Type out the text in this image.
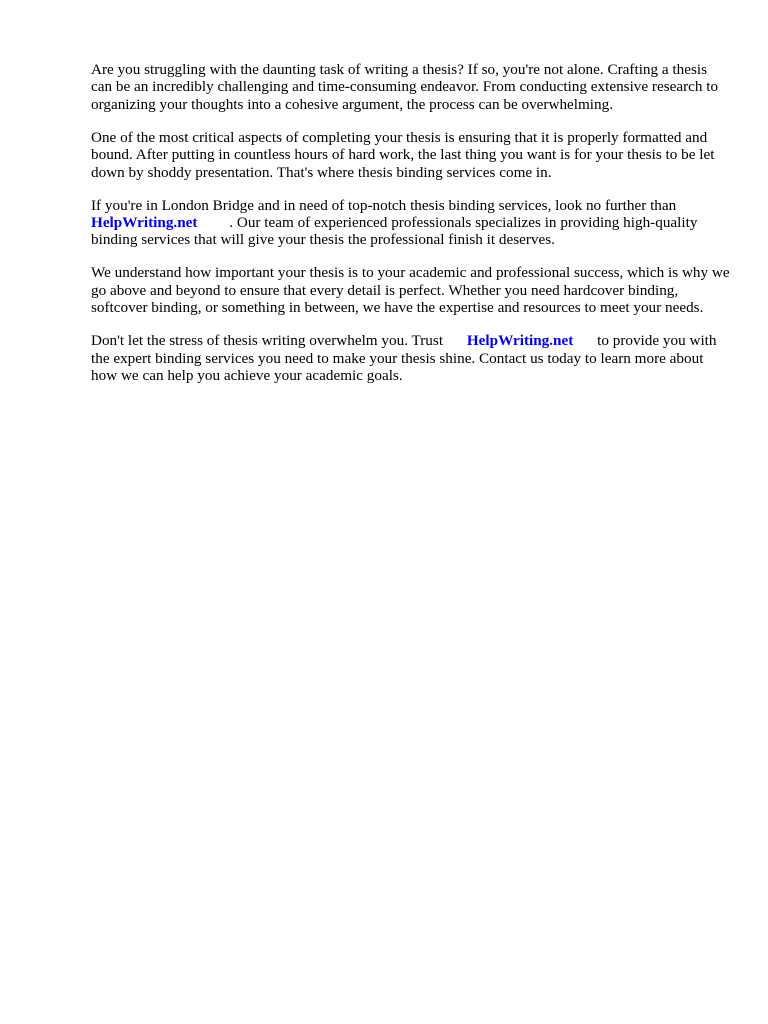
Are you struggling with the daunting task of writing a thesis? If so, you're not alone. Crafting a thesis can be an incredibly challenging and time-consuming endeavor. From conducting extensive research to organizing your thoughts into a cohesive argument, the process can be overwhelming.

One of the most critical aspects of completing your thesis is ensuring that it is properly formatted and bound. After putting in countless hours of hard work, the last thing you want is for your thesis to be let down by shoddy presentation. That's where thesis binding services come in.

If you're in London Bridge and in need of top-notch thesis binding services, look no further than
HelpWriting.net . Our team of experienced professionals specializes in providing high-quality binding services that will give your thesis the professional finish it deserves.

We understand how important your thesis is to your academic and professional success, which is why we go above and beyond to ensure that every detail is perfect. Whether you need hardcover binding, softcover binding, or something in between, we have the expertise and resources to meet your needs.

Don't let the stress of thesis writing overwhelm you. Trust HelpWriting.net to provide you with the expert binding services you need to make your thesis shine. Contact us today to learn more about how we can help you achieve your academic goals.
